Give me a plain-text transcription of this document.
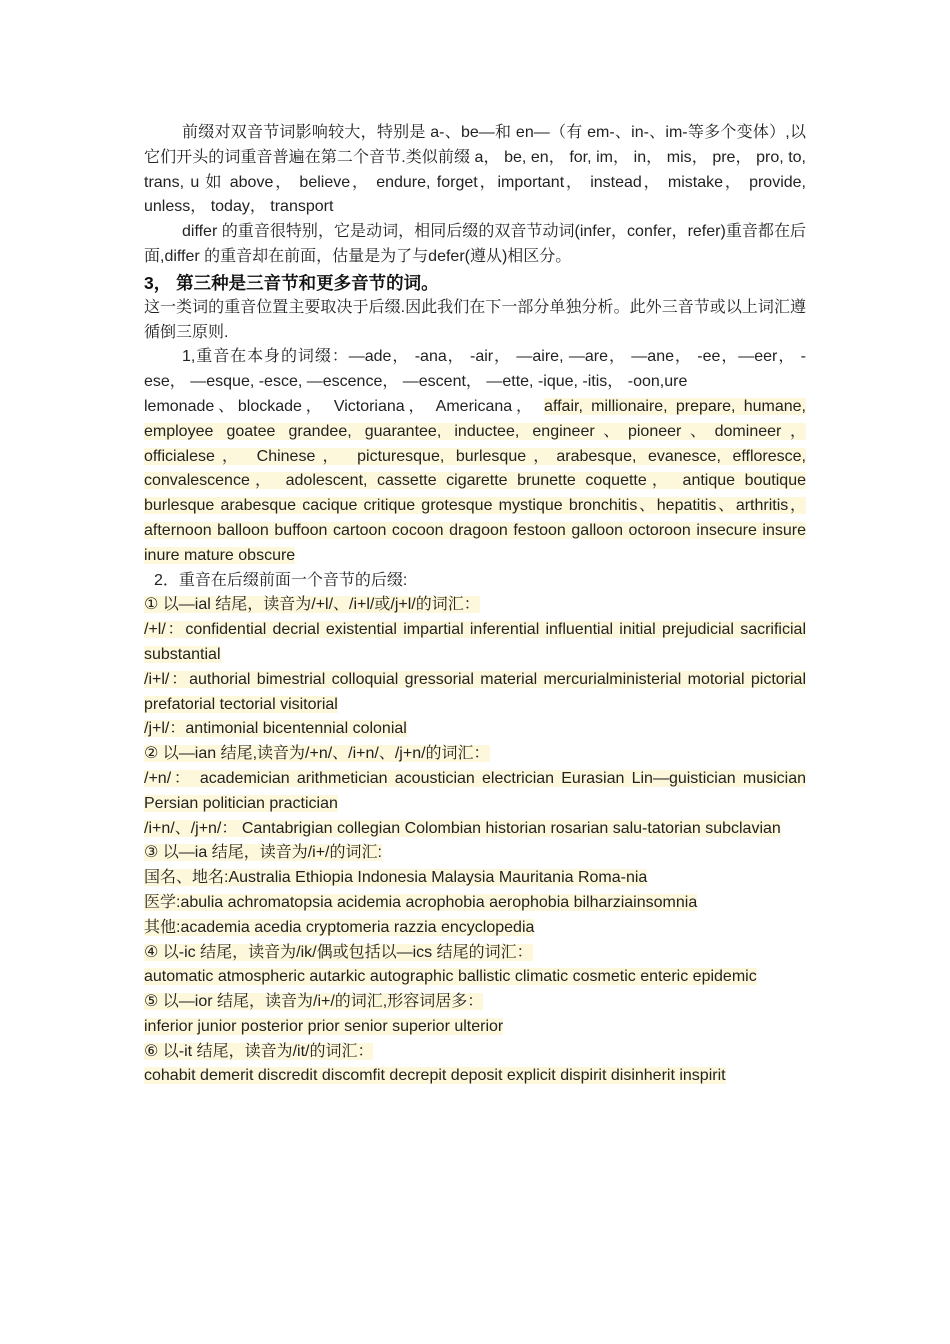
前缀对双音节词影响较大，特别是 a-、be—和 en—（有 em-、in-、im-等多个变体）,以它们开头的词重音普遍在第二个音节.类似前缀 a， be, en， for, im， in， mis， pre， pro, to, trans, u 如 above， believe， endure, forget，important， instead， mistake， provide, unless， today， transport

differ 的重音很特别，它是动词，相同后缀的双音节动词(infer，confer，refer)重音都在后面,differ 的重音却在前面，估量是为了与defer(遵从)相区分。

3， 第三种是三音节和更多音节的词。

这一类词的重音位置主要取决于后缀.因此我们在下一部分单独分析。此外三音节或以上词汇遵循倒三原则.

1,重音在本身的词缀：—ade， -ana， -air， —aire, —are， —ane， -ee，—eer， -ese， —esque, -esce, —escence， —escent， —ette, -ique, -itis， -oon,ure

lemonade、blockade， Victoriana， Americana， affair, millionaire, prepare, humane, employee goatee grandee, guarantee, inductee, engineer、pioneer、domineer， officialese， Chinese， picturesque, burlesque，arabesque, evanesce, effloresce, convalescence， adolescent, cassette cigarette brunette coquette， antique boutique burlesque arabesque cacique critique grotesque mystique bronchitis、hepatitis、arthritis， afternoon balloon buffoon cartoon cocoon dragoon festoon galloon octoroon insecure insure inure mature obscure

2．重音在后缀前面一个音节的后缀:

① 以—ial 结尾，读音为/+l/、/i+l/或/j+l/的词汇：

/+l/：confidential decrial existential impartial inferential influential initial prejudicial sacrificial substantial

/i+l/：authorial bimestrial colloquial gressorial material mercurialministerial motorial pictorial prefatorial tectorial visitorial

/j+l/：antimonial bicentennial colonial

② 以—ian 结尾,读音为/+n/、/i+n/、/j+n/的词汇：

/+n/： academician arithmetician acoustician electrician Eurasian Lin—guistician musician Persian politician practician

/i+n/、/j+n/： Cantabrigian collegian Colombian historian rosarian salu-tatorian subclavian

③ 以—ia 结尾，读音为/i+/的词汇:

国名、地名:Australia Ethiopia Indonesia Malaysia Mauritania Roma-nia

医学:abulia achromatopsia acidemia acrophobia aerophobia bilharziainsomnia

其他:academia acedia cryptomeria razzia encyclopedia

④ 以-ic 结尾，读音为/ik/偶或包括以—ics 结尾的词汇：

automatic atmospheric autarkic autographic ballistic climatic cosmetic enteric epidemic

⑤ 以—ior 结尾，读音为/i+/的词汇,形容词居多：

inferior junior posterior prior senior superior ulterior

⑥ 以-it 结尾，读音为/it/的词汇：

cohabit demerit discredit discomfit decrepit deposit explicit dispirit disinherit inspirit
